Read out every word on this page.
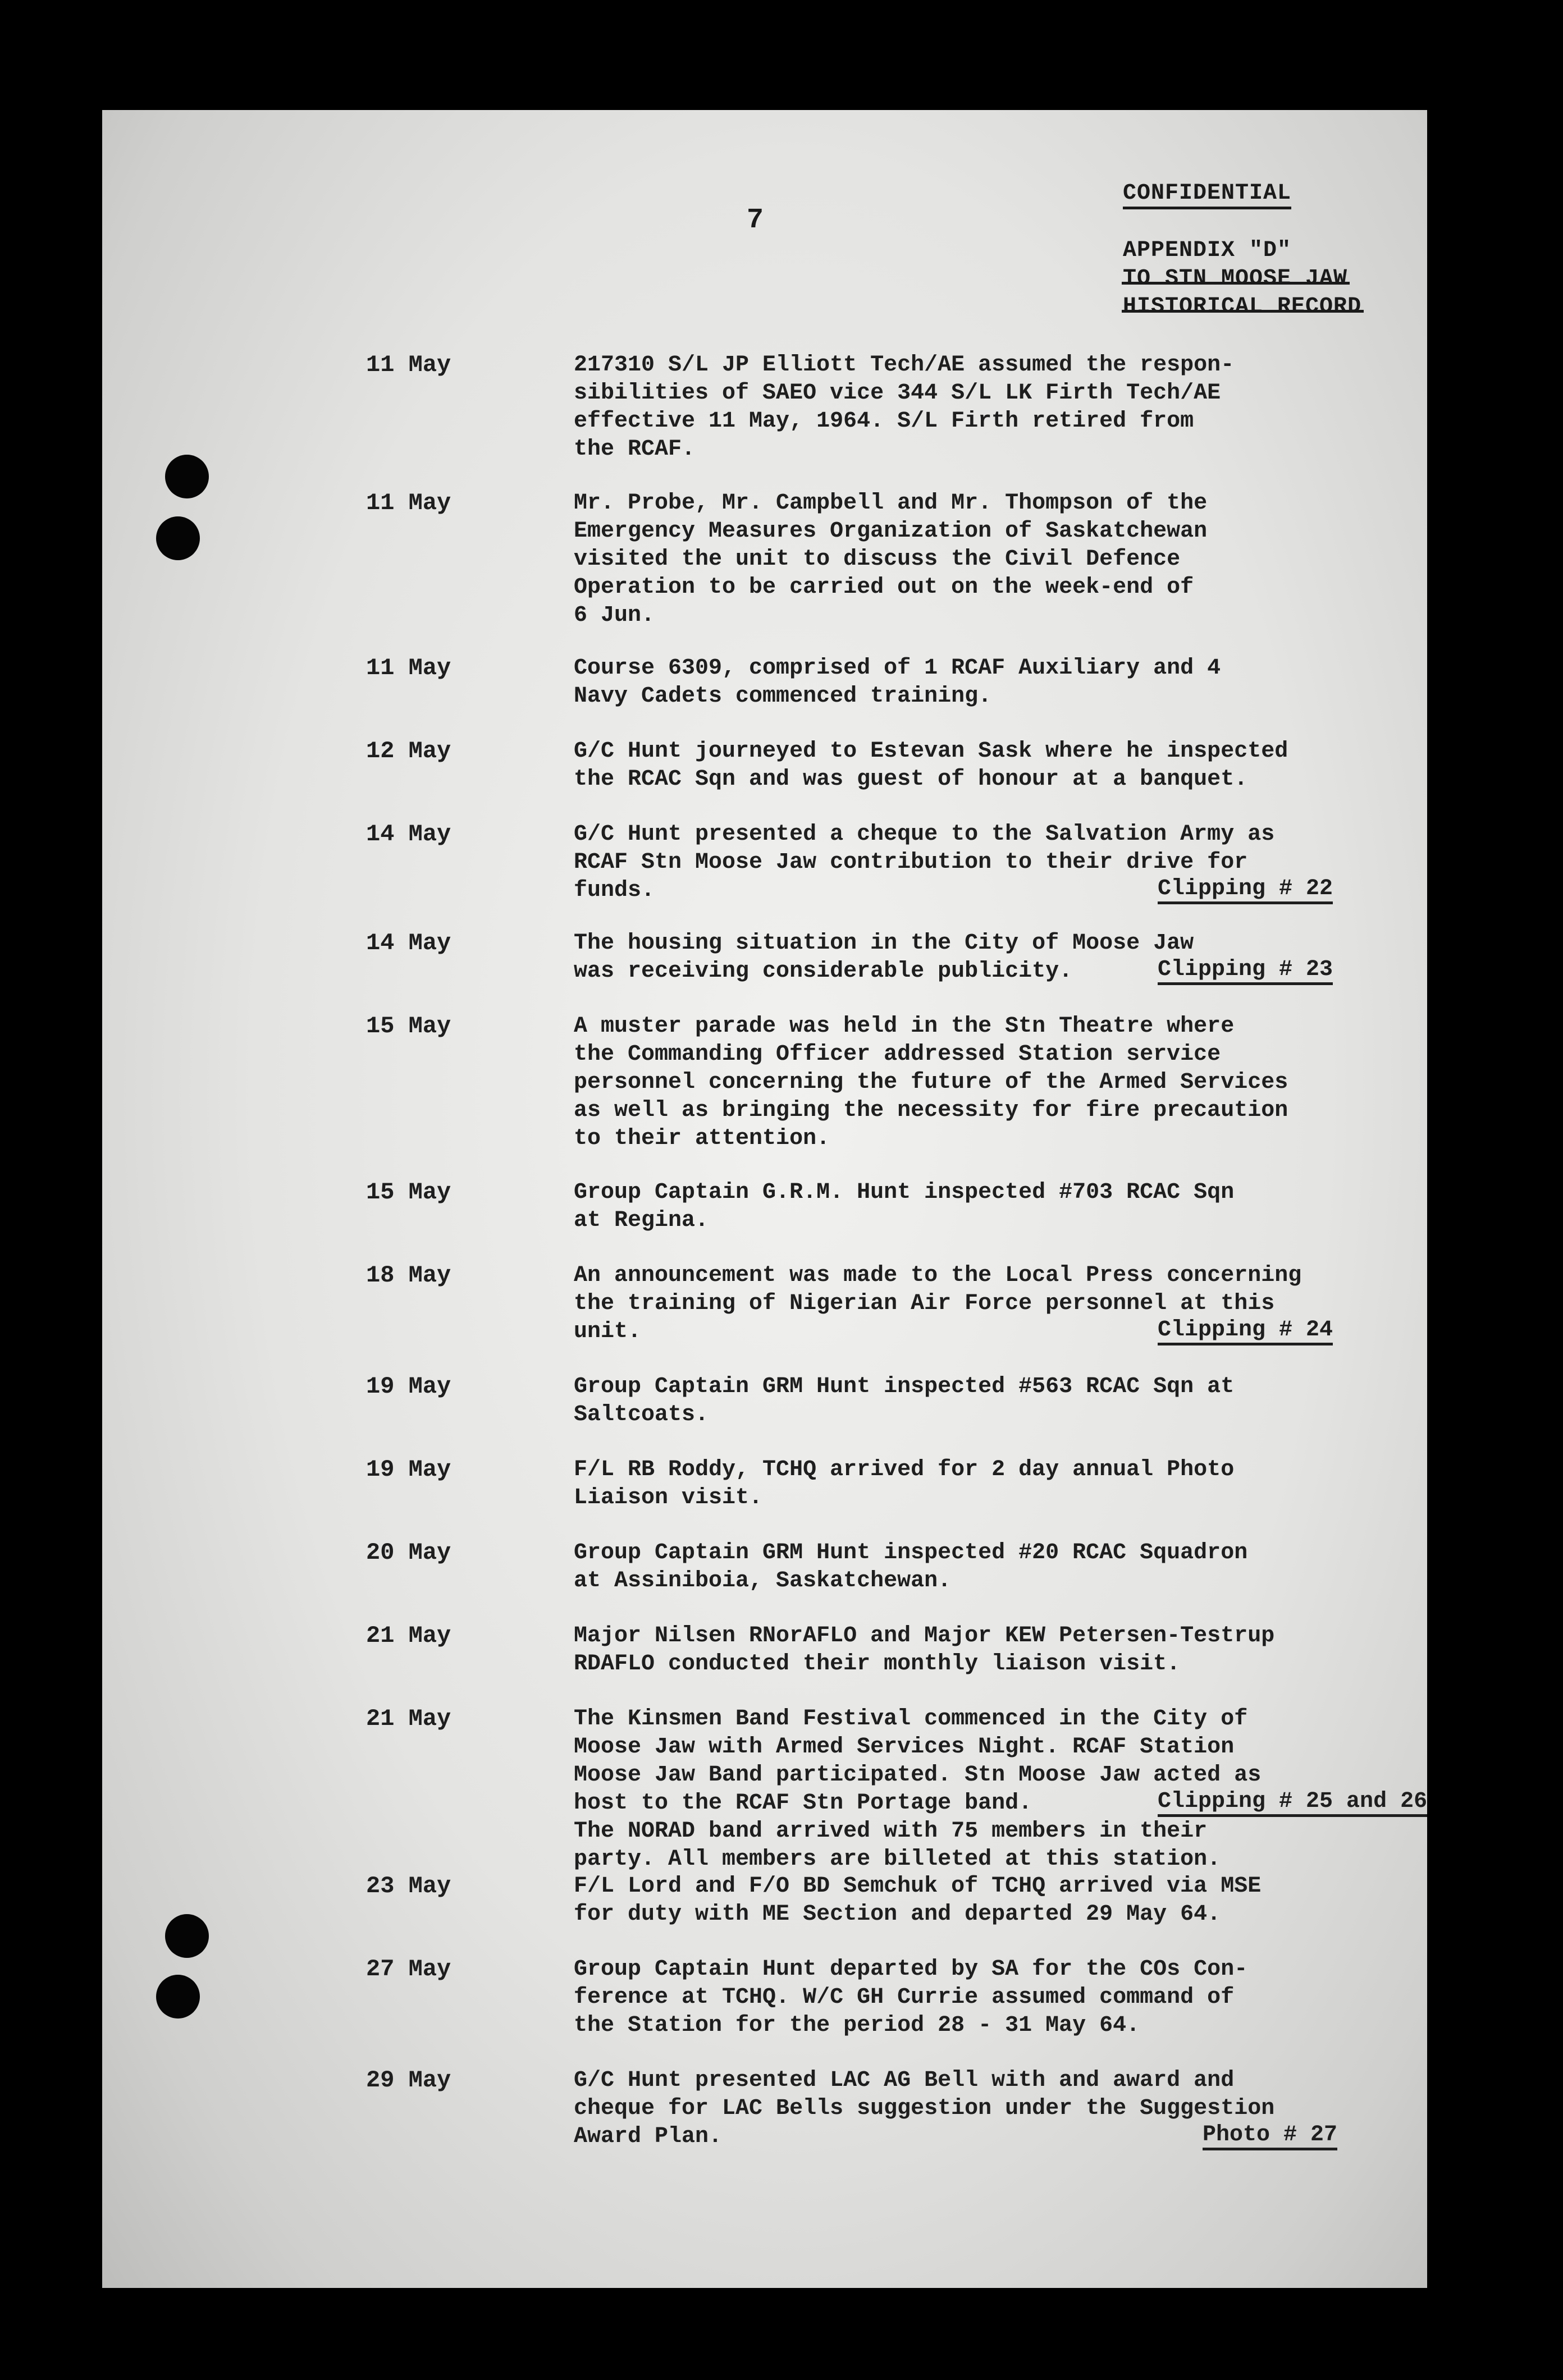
7
CONFIDENTIAL
APPENDIX "D"
TO STN MOOSE JAW
HISTORICAL RECORD
11 May	217310 S/L JP Elliott Tech/AE assumed the respon-
sibilities of SAEO vice 344 S/L LK Firth Tech/AE
effective 11 May, 1964. S/L Firth retired from
the RCAF.
11 May	Mr. Probe, Mr. Campbell and Mr. Thompson of the
Emergency Measures Organization of Saskatchewan
visited the unit to discuss the Civil Defence
Operation to be carried out on the week-end of
6 Jun.
11 May	Course 6309, comprised of 1 RCAF Auxiliary and 4
Navy Cadets commenced training.
12 May	G/C Hunt journeyed to Estevan Sask where he inspected
the RCAC Sqn and was guest of honour at a banquet.
14 May	G/C Hunt presented a cheque to the Salvation Army as
RCAF Stn Moose Jaw contribution to their drive for
funds.	Clipping # 22
14 May	The housing situation in the City of Moose Jaw
was receiving considerable publicity.	Clipping # 23
15 May	A muster parade was held in the Stn Theatre where
the Commanding Officer addressed Station service
personnel concerning the future of the Armed Services
as well as bringing the necessity for fire precaution
to their attention.
15 May	Group Captain G.R.M. Hunt inspected #703 RCAC Sqn
at Regina.
18 May	An announcement was made to the Local Press concerning
the training of Nigerian Air Force personnel at this
unit.	Clipping # 24
19 May	Group Captain GRM Hunt inspected #563 RCAC Sqn at
Saltcoats.
19 May	F/L RB Roddy, TCHQ arrived for 2 day annual Photo
Liaison visit.
20 May	Group Captain GRM Hunt inspected #20 RCAC Squadron
at Assiniboia, Saskatchewan.
21 May	Major Nilsen RNorAFLO and Major KEW Petersen-Testrup
RDAFLO conducted their monthly liaison visit.
21 May	The Kinsmen Band Festival commenced in the City of
Moose Jaw with Armed Services Night. RCAF Station
Moose Jaw Band participated. Stn Moose Jaw acted as
host to the RCAF Stn Portage band.
The NORAD band arrived with 75 members in their
party. All members are billeted at this station.
Clipping # 25 and 26
23 May	F/L Lord and F/O BD Semchuk of TCHQ arrived via MSE
for duty with ME Section and departed 29 May 64.
27 May	Group Captain Hunt departed by SA for the COs Con-
ference at TCHQ. W/C GH Currie assumed command of
the Station for the period 28 - 31 May 64.
29 May	G/C Hunt presented LAC AG Bell with and award and
cheque for LAC Bells suggestion under the Suggestion
Award Plan.	Photo # 27
